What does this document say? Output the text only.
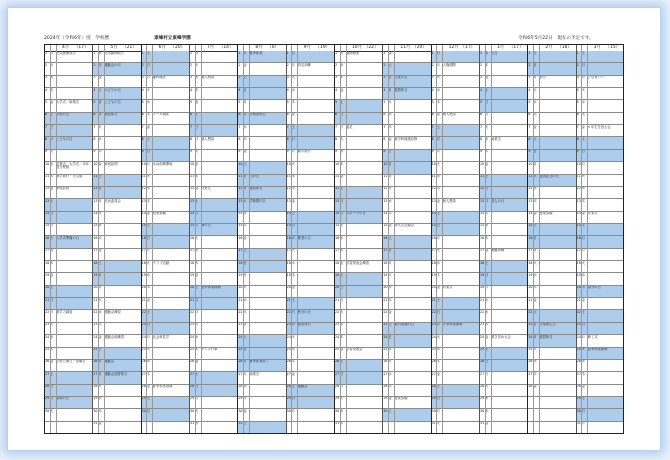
2024年（令和6年）度　学校暦	東峰村立東峰学園	令和6年5月22日　現在の予定です。
4月 （17）
1 月 元気級開放日
2 火
3 水
4 木
5 金 入学式・始業式
6 土 学校の日
7 日
8 月 こどもの日
9 火
10 水 卒業式・大学式／本年度日程版
11 木 修学旅行・大学組
12 金 家庭訪問
13 土
14 日
15 月
16 火 入学式準備の日
17 水
18 木
19 金
20 土
21 日
22 月 県学力調査
23 火
24 水
25 木
26 金 学校公開日・参観日
27 土
28 日
29 月 昭和の日
30 火
5月 （21）
1 水 元気級開放日
2 木 運動会の日
3 金
4 土 みどりの日
5 日 こどもの日
6 月 振替休日
7 火
8 水
9 木
10 金 家庭訪問
11 土
12 日
13 月 代表委員会
14 火
15 水
16 木
17 金
18 土
19 日
20 月
21 火
22 水 運動会練習
23 木
24 金 運動会総練習
25 土
26 日 運動会
27 月 運動会振替休日
28 火
29 水
30 木
31 金
6月 （20）
1 土
2 日
3 月 歯科検診
4 火
5 水
6 木 プール掃除
7 金
8 土
9 日
10 月 水泳指導開始
11 火
12 水
13 木
14 金 授業参観
15 土
16 日
17 月
18 火 クラブ活動
19 水
20 木
21 金
22 土
23 日
24 月 社会科見学
25 火
26 水
27 木
28 金 夏季水泳指導
29 土
30 日
7月 （14）
1 月
2 火
3 水 個人懇談
4 木
5 金
6 土
7 日
8 月 個人懇談
9 火
10 水
11 木
12 金 終業式
13 土
14 日
15 月 海の日
16 火
17 水
18 木
19 金
20 土 夏季休業開始
21 日
22 月
23 火
24 水
25 木 ＰＴＡ行事
26 金
27 土
28 日
29 月
30 火
31 水
8月 （0）
1 木 夏季休業
2 金
3 土
4 日
5 月
6 火 平和登校日
7 水
8 木
9 金
10 土
11 日 山の日
12 月 振替休日
13 火 学校閉庁日
14 水
15 木
16 金
17 土
18 日
19 月
20 火
21 水
22 木
23 金
24 土
25 日
26 月 夏季休業終了
27 火 始業式
28 水
29 木
30 金
31 土
9月 （19）
1 日
2 月 防災訓練
3 火
4 水
5 木
6 金
7 土
8 日
9 月 修学旅行
10 火
11 水
12 木
13 金
14 土
15 日
16 月 敬老の日
17 火
18 水
19 木
20 金
21 土
22 日 秋分の日
23 月 振替休日
24 火
25 水
26 木
27 金
28 土 運動会
29 日
30 月
10月 （22）
1 火 後期始業
2 水
3 木
4 金
5 土
6 日
7 月 遠足
8 火
9 水
10 木
11 金
12 土
13 日
14 月 スポーツの日
15 火
16 水
17 木
18 金 学習発表会練習
19 土
20 日
21 月
22 火
23 水
24 木
25 金 学習発表会
26 土
27 日
28 月
29 火
30 水
31 木
11月 （20）
1 金
2 土
3 日 文化の日
4 月 振替休日
5 火
6 水
7 木
8 金 就学時健康診断
9 土
10 日
11 月
12 火
13 水
14 木
15 金 持久走記録会
16 土
17 日
18 月
19 火
20 水
21 木
22 金
23 土 勤労感謝の日
24 日
25 月
26 火
27 水
28 木
29 金 授業参観
30 土
12月 （17）
1 日
2 月 人権週間
3 火
4 水
5 木
6 金 個人懇談
7 土
8 日
9 月
10 火
11 水
12 木
13 金 個人懇談
14 土
15 日
16 月
17 火
18 水
19 木
20 金 終業式
21 土
22 日
23 月 冬季休業開始
24 火
25 水
26 木
27 金
28 土
29 日
30 月
31 火
1月 （17）
1 水 元日
2 木
3 金
4 土
5 日
6 月
7 火
8 水 始業式
9 木
10 金
11 土
12 日
13 月 成人の日
14 火
15 水
16 木
17 金 避難訓練
18 土
19 日
20 月
21 火
22 水
23 木
24 金 書き初め大会
25 土
26 日
27 月
28 火
29 水
30 木
31 金
2月 （18）
1 土
2 日
3 月 節分
4 火
5 水
6 木
7 金
8 土
9 日
10 月
11 火 建国記念の日
12 水
13 木
14 金 授業参観
15 土
16 日
17 月
18 火
19 水
20 木
21 金
22 土
23 日 天皇誕生日
24 月 振替休日
25 火
26 水
27 木
28 金
3月 （15）
1 土
2 日
3 月 ひなまつり
4 火
5 水
6 木
7 金 ６年生を送る会
8 土
9 日
10 月
11 火
12 水
13 木
14 金 卒業式
15 土
16 日
17 月
18 火
19 水
20 木 春分の日
21 金
22 土
23 日
24 月 修了式
25 火 春季休業開始
26 水
27 木
28 金
29 土
30 日
31 月
